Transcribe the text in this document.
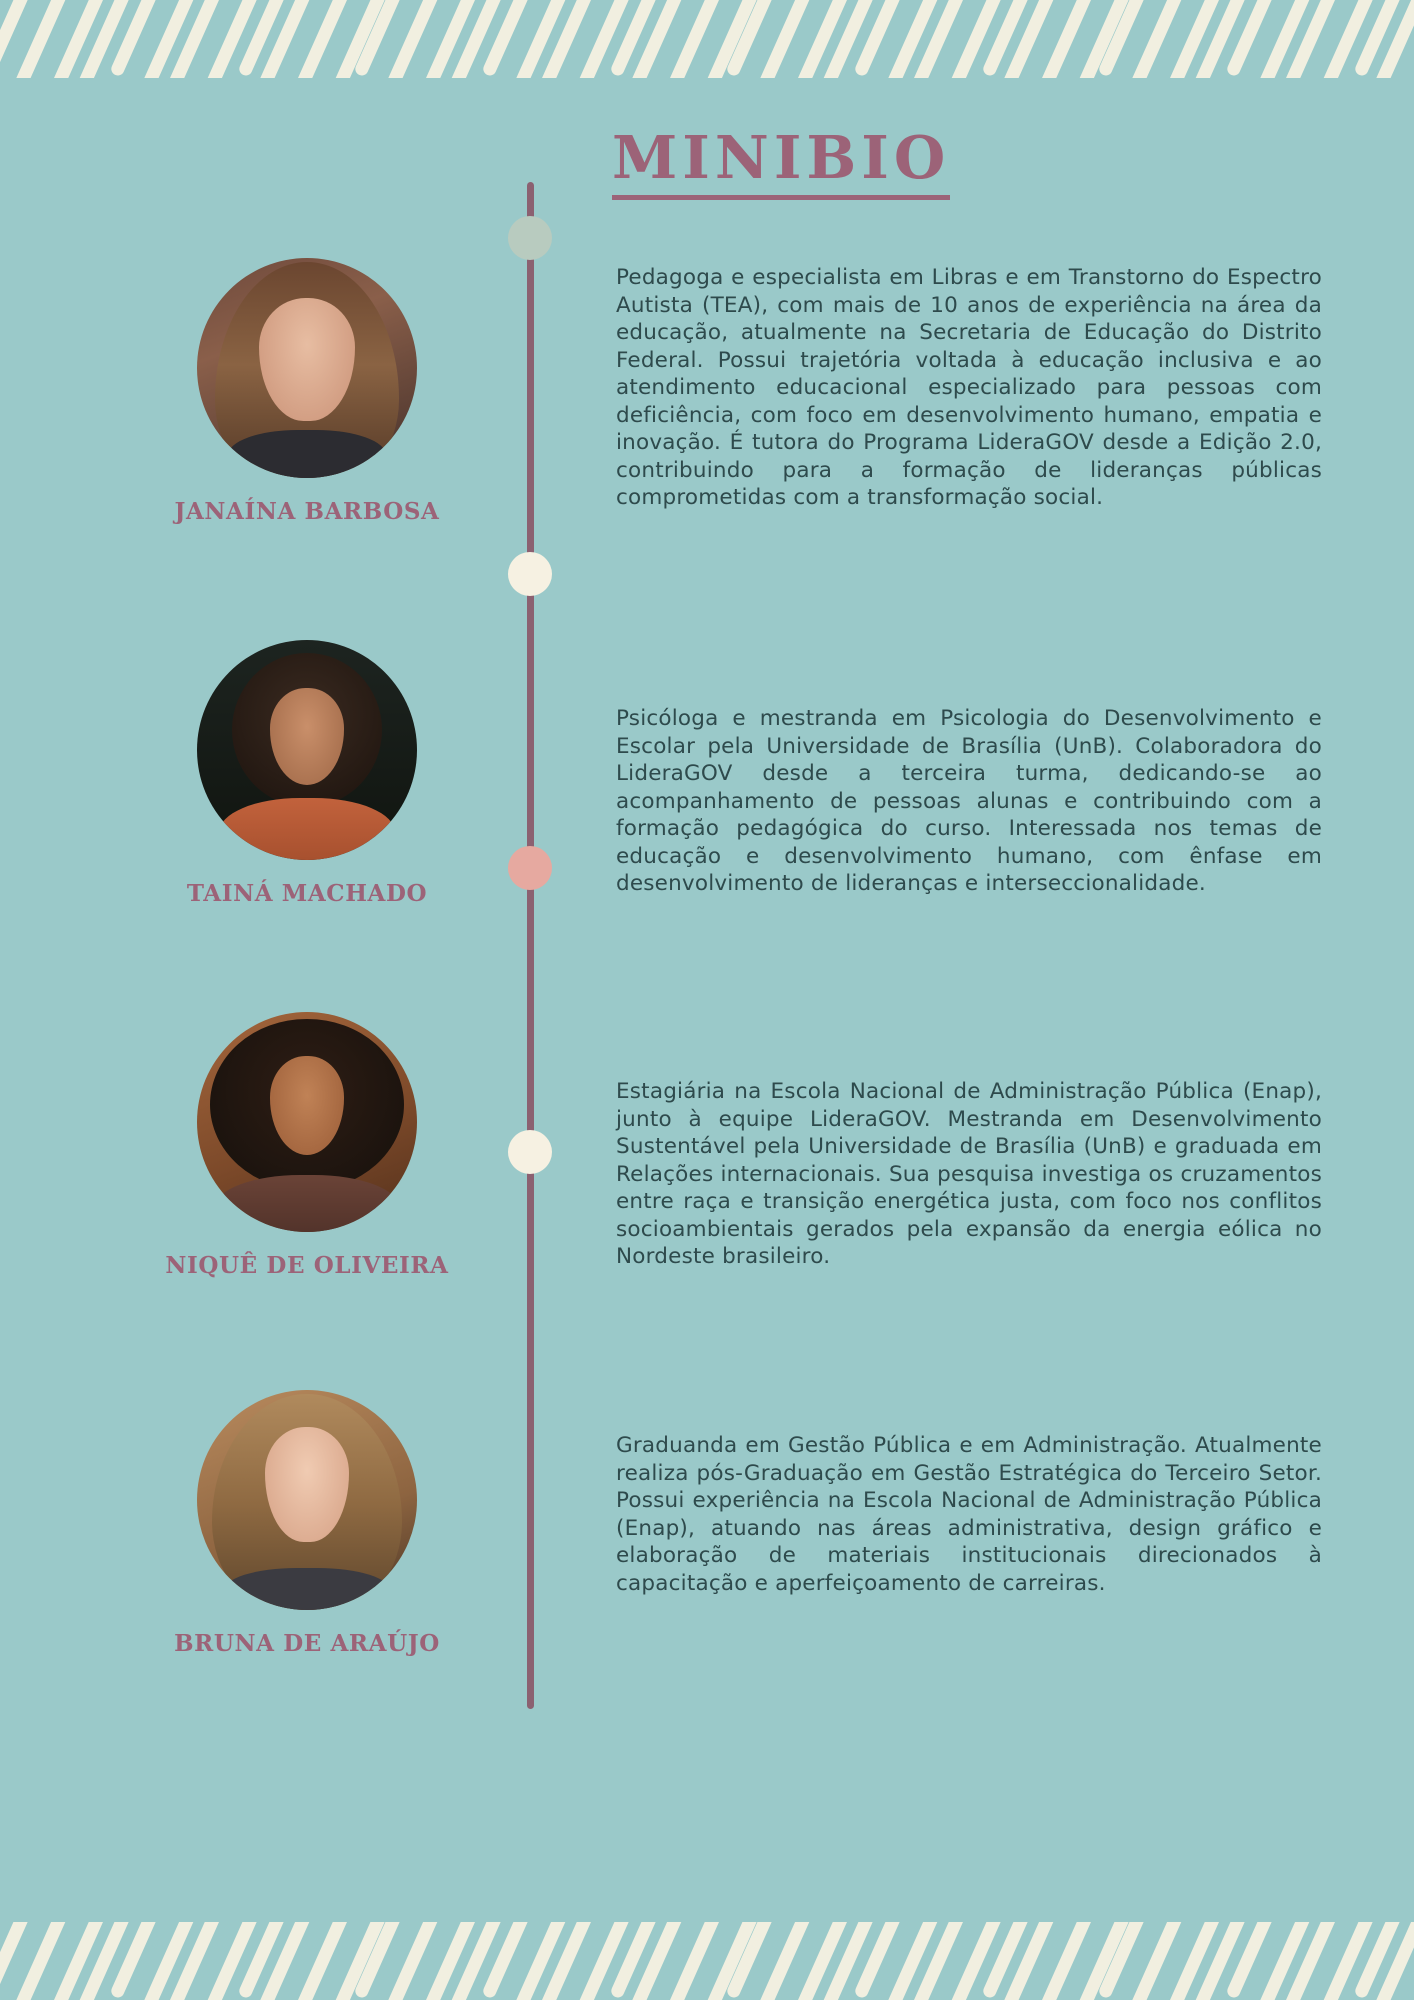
MINIBIO
JANAÍNA BARBOSA
Pedagoga e especialista em Libras e em Transtorno do Espectro Autista (TEA), com mais de 10 anos de experiência na área da educação, atualmente na Secretaria de Educação do Distrito Federal. Possui trajetória voltada à educação inclusiva e ao atendimento educacional especializado para pessoas com deficiência, com foco em desenvolvimento humano, empatia e inovação. É tutora do Programa LideraGOV desde a Edição 2.0, contribuindo para a formação de lideranças públicas comprometidas com a transformação social.
TAINÁ MACHADO
Psicóloga e mestranda em Psicologia do Desenvolvimento e Escolar pela Universidade de Brasília (UnB). Colaboradora do LideraGOV desde a terceira turma, dedicando-se ao acompanhamento de pessoas alunas e contribuindo com a formação pedagógica do curso. Interessada nos temas de educação e desenvolvimento humano, com ênfase em desenvolvimento de lideranças e interseccionalidade.
NIQUÊ DE OLIVEIRA
Estagiária na Escola Nacional de Administração Pública (Enap), junto à equipe LideraGOV. Mestranda em Desenvolvimento Sustentável pela Universidade de Brasília (UnB) e graduada em Relações internacionais. Sua pesquisa investiga os cruzamentos entre raça e transição energética justa, com foco nos conflitos socioambientais gerados pela expansão da energia eólica no Nordeste brasileiro.
BRUNA DE ARAÚJO
Graduanda em Gestão Pública e em Administração. Atualmente realiza pós-Graduação em Gestão Estratégica do Terceiro Setor. Possui experiência na Escola Nacional de Administração Pública (Enap), atuando nas áreas administrativa, design gráfico e elaboração de materiais institucionais direcionados à capacitação e aperfeiçoamento de carreiras.
